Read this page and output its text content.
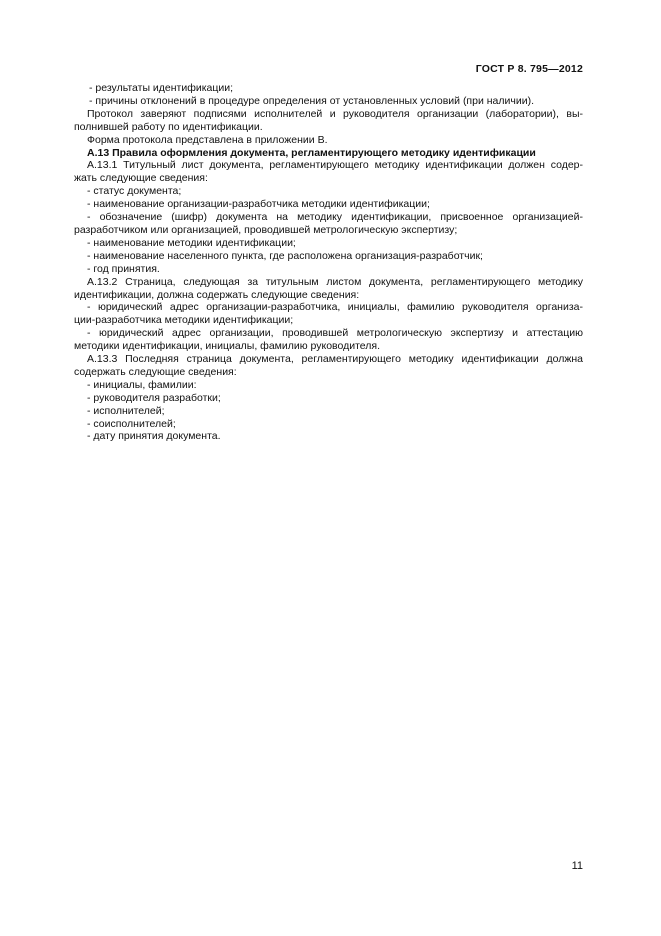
ГОСТ Р 8. 795—2012
- результаты идентификации;
- причины отклонений в процедуре определения от установленных условий (при наличии).
Протокол заверяют подписями исполнителей и руководителя организации (лаборатории), вы-
полнившей работу по идентификации.
Форма протокола представлена в приложении В.
А.13 Правила оформления документа, регламентирующего методику идентификации
А.13.1 Титульный лист документа, регламентирующего методику идентификации должен содер-
жать следующие сведения:
- статус документа;
- наименование организации-разработчика методики идентификации;
- обозначение (шифр) документа на методику идентификации, присвоенное организацией-
разработчиком или организацией, проводившей метрологическую экспертизу;
- наименование методики идентификации;
- наименование населенного пункта, где расположена организация-разработчик;
- год принятия.
А.13.2 Страница, следующая за титульным листом документа, регламентирующего методику
идентификации, должна содержать следующие сведения:
- юридический адрес организации-разработчика, инициалы, фамилию руководителя организа-
ции-разработчика методики идентификации;
- юридический адрес организации, проводившей метрологическую экспертизу и аттестацию
методики идентификации, инициалы, фамилию руководителя.
А.13.3 Последняя страница документа, регламентирующего методику идентификации должна
содержать следующие сведения:
- инициалы, фамилии:
- руководителя разработки;
- исполнителей;
- соисполнителей;
- дату принятия документа.
11
